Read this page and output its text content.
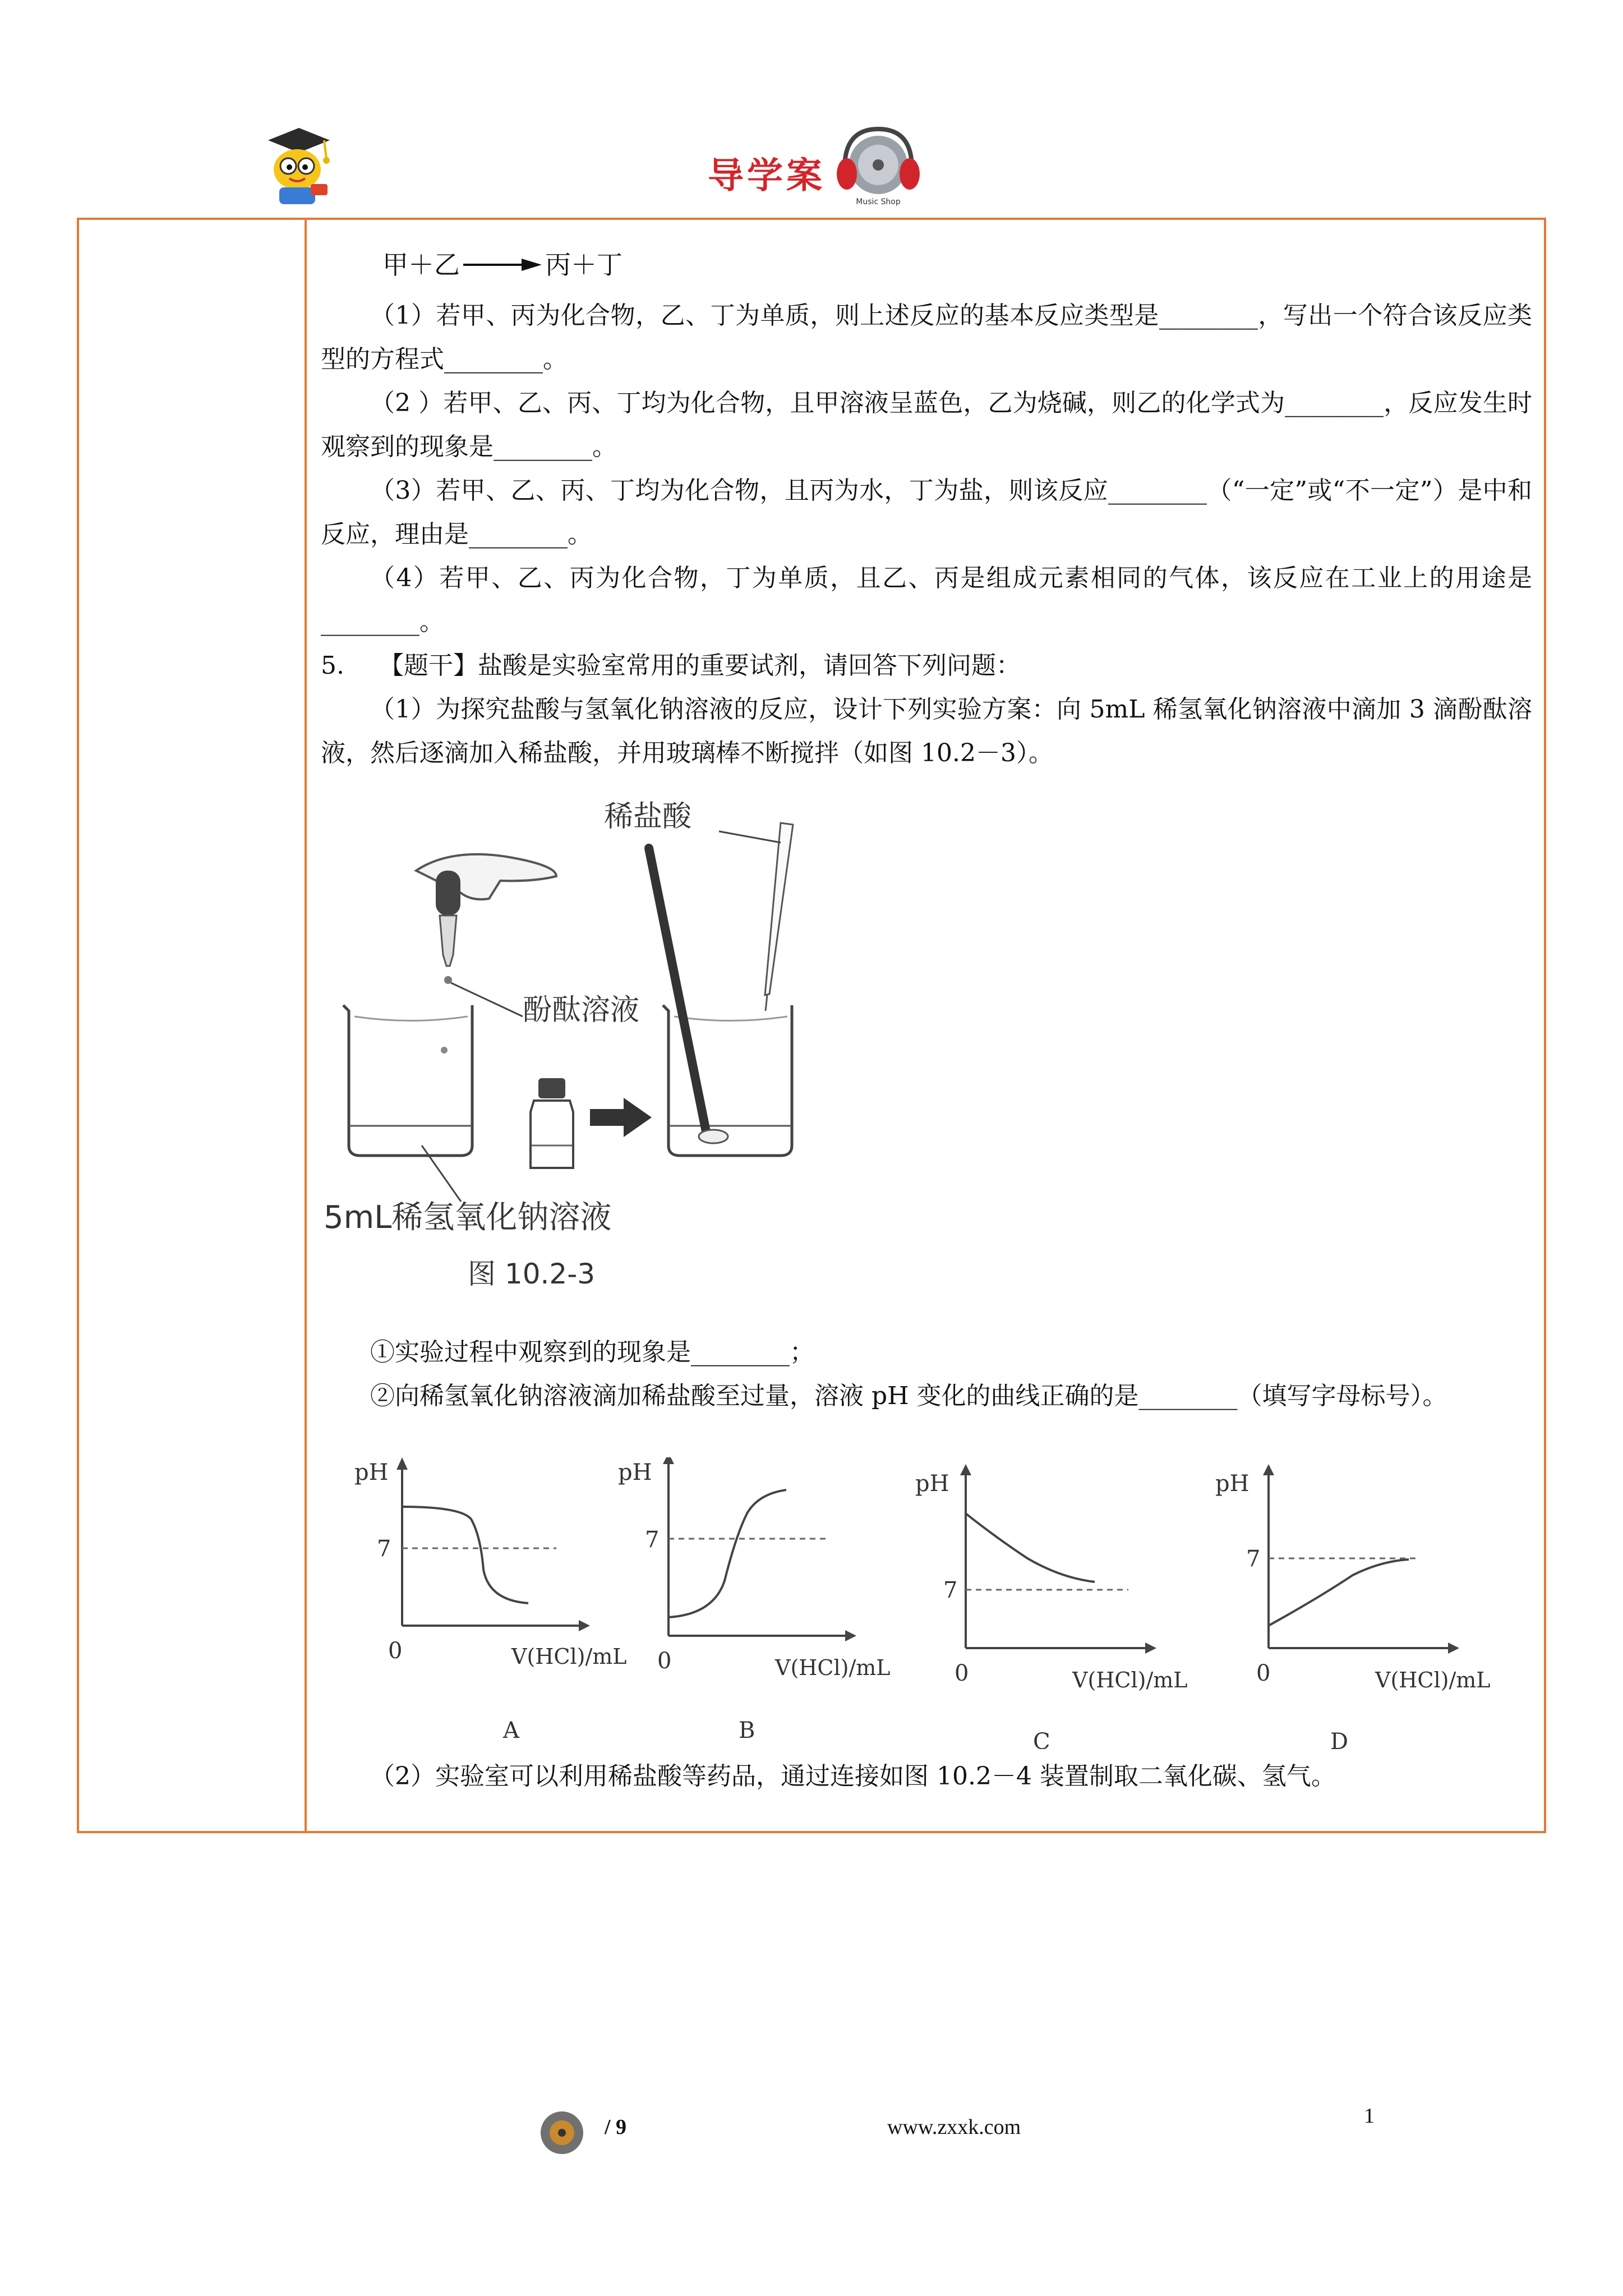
导学案
Music Shop
甲＋乙 → 丙＋丁

（1）若甲、丙为化合物，乙、丁为单质，则上述反应的基本反应类型是________，写出一个符合该反应类型的方程式________。

（2 ）若甲、乙、丙、丁均为化合物，且甲溶液呈蓝色，乙为烧碱，则乙的化学式为________，反应发生时观察到的现象是________。

（3）若甲、乙、丙、丁均为化合物，且丙为水，丁为盐，则该反应________（“一定”或“不一定”）是中和反应，理由是________。

（4）若甲、乙、丙为化合物，丁为单质，且乙、丙是组成元素相同的气体，该反应在工业上的用途是________。

5. 【题干】盐酸是实验室常用的重要试剂，请回答下列问题：

（1）为探究盐酸与氢氧化钠溶液的反应，设计下列实验方案：向 5mL 稀氢氧化钠溶液中滴加 3 滴酚酞溶液，然后逐滴加入稀盐酸，并用玻璃棒不断搅拌（如图 10.2－3）。

稀盐酸
酚酞溶液
5mL稀氢氧化钠溶液
图 10.2-3

①实验过程中观察到的现象是________；

②向稀氢氧化钠溶液滴加稀盐酸至过量，溶液 pH 变化的曲线正确的是________（填写字母标号）。

pH
7
0	V(HCl)/mL
A
pH
7
0	V(HCl)/mL
B
pH
7
0	V(HCl)/mL
C
pH
7
0	V(HCl)/mL
D

（2）实验室可以利用稀盐酸等药品，通过连接如图 10.2－4 装置制取二氧化碳、氢气。

/ 9	www.zxxk.com	1
